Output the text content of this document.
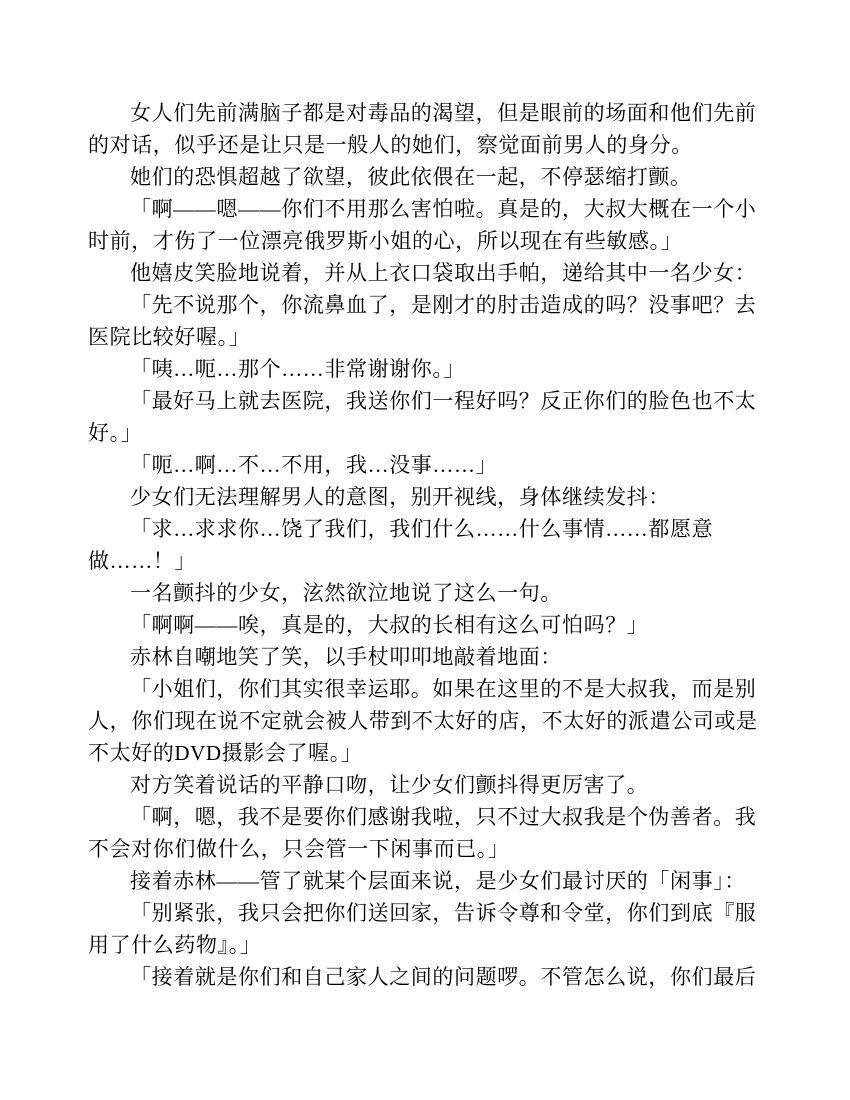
女人们先前满脑子都是对毒品的渴望，但是眼前的场面和他们先前的对话，似乎还是让只是一般人的她们，察觉面前男人的身分。

她们的恐惧超越了欲望，彼此依偎在一起，不停瑟缩打颤。

「啊——嗯——你们不用那么害怕啦。真是的，大叔大概在一个小时前，才伤了一位漂亮俄罗斯小姐的心，所以现在有些敏感。」

他嬉皮笑脸地说着，并从上衣口袋取出手帕，递给其中一名少女：

「先不说那个，你流鼻血了，是刚才的肘击造成的吗？没事吧？去医院比较好喔。」

「咦…呃…那个……非常谢谢你。」

「最好马上就去医院，我送你们一程好吗？反正你们的脸色也不太好。」

「呃…啊…不…不用，我…没事……」

少女们无法理解男人的意图，别开视线，身体继续发抖：

「求…求求你…饶了我们，我们什么……什么事情……都愿意做……！」

一名颤抖的少女，泫然欲泣地说了这么一句。

「啊啊——唉，真是的，大叔的长相有这么可怕吗？」

赤林自嘲地笑了笑，以手杖叩叩地敲着地面：

「小姐们，你们其实很幸运耶。如果在这里的不是大叔我，而是别人，你们现在说不定就会被人带到不太好的店，不太好的派遣公司或是不太好的DVD摄影会了喔。」

对方笑着说话的平静口吻，让少女们颤抖得更厉害了。

「啊，嗯，我不是要你们感谢我啦，只不过大叔我是个伪善者。我不会对你们做什么，只会管一下闲事而已。」

接着赤林——管了就某个层面来说，是少女们最讨厌的「闲事」：

「别紧张，我只会把你们送回家，告诉令尊和令堂，你们到底『服用了什么药物』。」

「接着就是你们和自己家人之间的问题啰。不管怎么说，你们最后
